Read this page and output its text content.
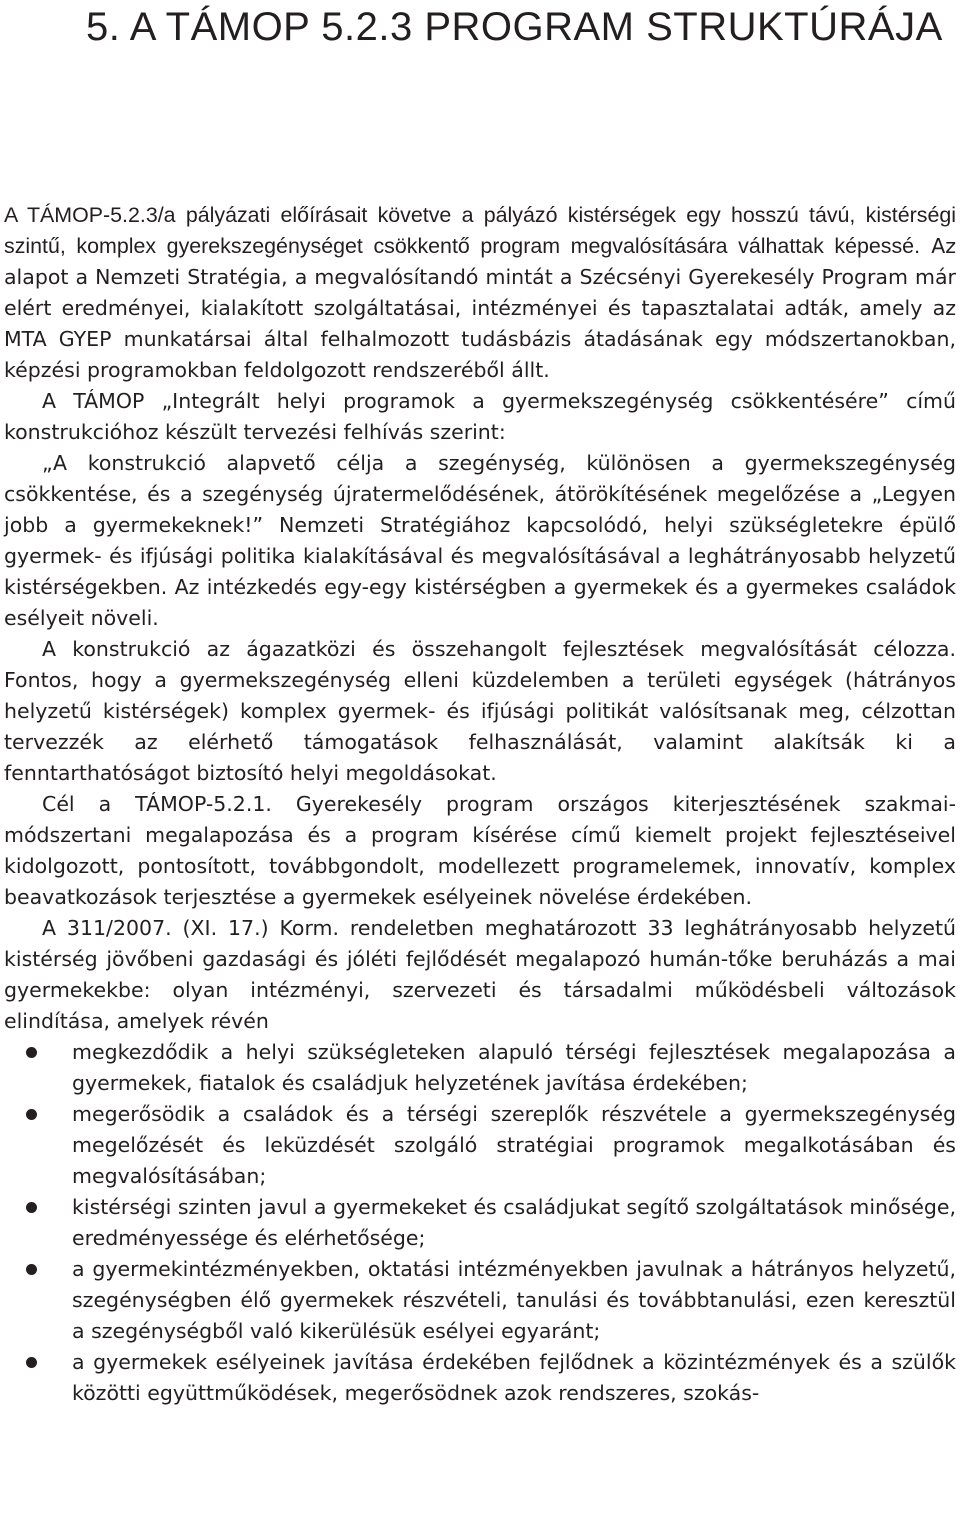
5. A TÁMOP 5.2.3 PROGRAM STRUKTÚRÁJA

A TÁMOP-5.2.3/a pályázati előírásait követve a pályázó kistérségek egy hosszú távú, kistérségi szintű, komplex gyerekszegénységet csökkentő program megvalósítására válhattak képessé. Az alapot a Nemzeti Stratégia, a megvalósítandó mintát a Szécsényi Gyerekesély Program már elért eredményei, kialakított szolgáltatásai, intézményei és tapasztalatai adták, amely az MTA GYEP munkatársai által felhalmozott tudásbázis átadásának egy módszertanokban, képzési programokban feldolgozott rendszeréből állt.

A TÁMOP „Integrált helyi programok a gyermekszegénység csökkentésére” című konstrukcióhoz készült tervezési felhívás szerint:

„A konstrukció alapvető célja a szegénység, különösen a gyermekszegénység csökkentése, és a szegénység újratermelődésének, átörökítésének megelőzése a „Legyen jobb a gyermekeknek!” Nemzeti Stratégiához kapcsolódó, helyi szükségletekre épülő gyermek- és ifjúsági politika kialakításával és megvalósításával a leghátrányosabb helyzetű kistérségekben. Az intézkedés egy-egy kistérségben a gyermekek és a gyermekes családok esélyeit növeli.

A konstrukció az ágazatközi és összehangolt fejlesztések megvalósítását célozza. Fontos, hogy a gyermekszegénység elleni küzdelemben a területi egységek (hátrányos helyzetű kistérségek) komplex gyermek- és ifjúsági politikát valósítsanak meg, célzottan tervezzék az elérhető támogatások felhasználását, valamint alakítsák ki a fenntarthatóságot biztosító helyi megoldásokat.

Cél a TÁMOP-5.2.1. Gyerekesély program országos kiterjesztésének szakmai-módszertani megalapozása és a program kísérése című kiemelt projekt fejlesztéseivel kidolgozott, pontosított, továbbgondolt, modellezett programelemek, innovatív, komplex beavatkozások terjesztése a gyermekek esélyeinek növelése érdekében.

A 311/2007. (XI. 17.) Korm. rendeletben meghatározott 33 leghátrányosabb helyzetű kistérség jövőbeni gazdasági és jóléti fejlődését megalapozó humán-tőke beruházás a mai gyermekekbe: olyan intézményi, szervezeti és társadalmi működésbeli változások elindítása, amelyek révén

megkezdődik a helyi szükségleteken alapuló térségi fejlesztések megalapozása a gyermekek, fiatalok és családjuk helyzetének javítása érdekében;
megerősödik a családok és a térségi szereplők részvétele a gyermekszegénység megelőzését és leküzdését szolgáló stratégiai programok megalkotásában és megvalósításában;
kistérségi szinten javul a gyermekeket és családjukat segítő szolgáltatások minősége, eredményessége és elérhetősége;
a gyermekintézményekben, oktatási intézményekben javulnak a hátrányos helyzetű, szegénységben élő gyermekek részvételi, tanulási és továbbtanulási, ezen keresztül a szegénységből való kikerülésük esélyei egyaránt;
a gyermekek esélyeinek javítása érdekében fejlődnek a közintézmények és a szülők közötti együttműködések, megerősödnek azok rendszeres, szokás-
